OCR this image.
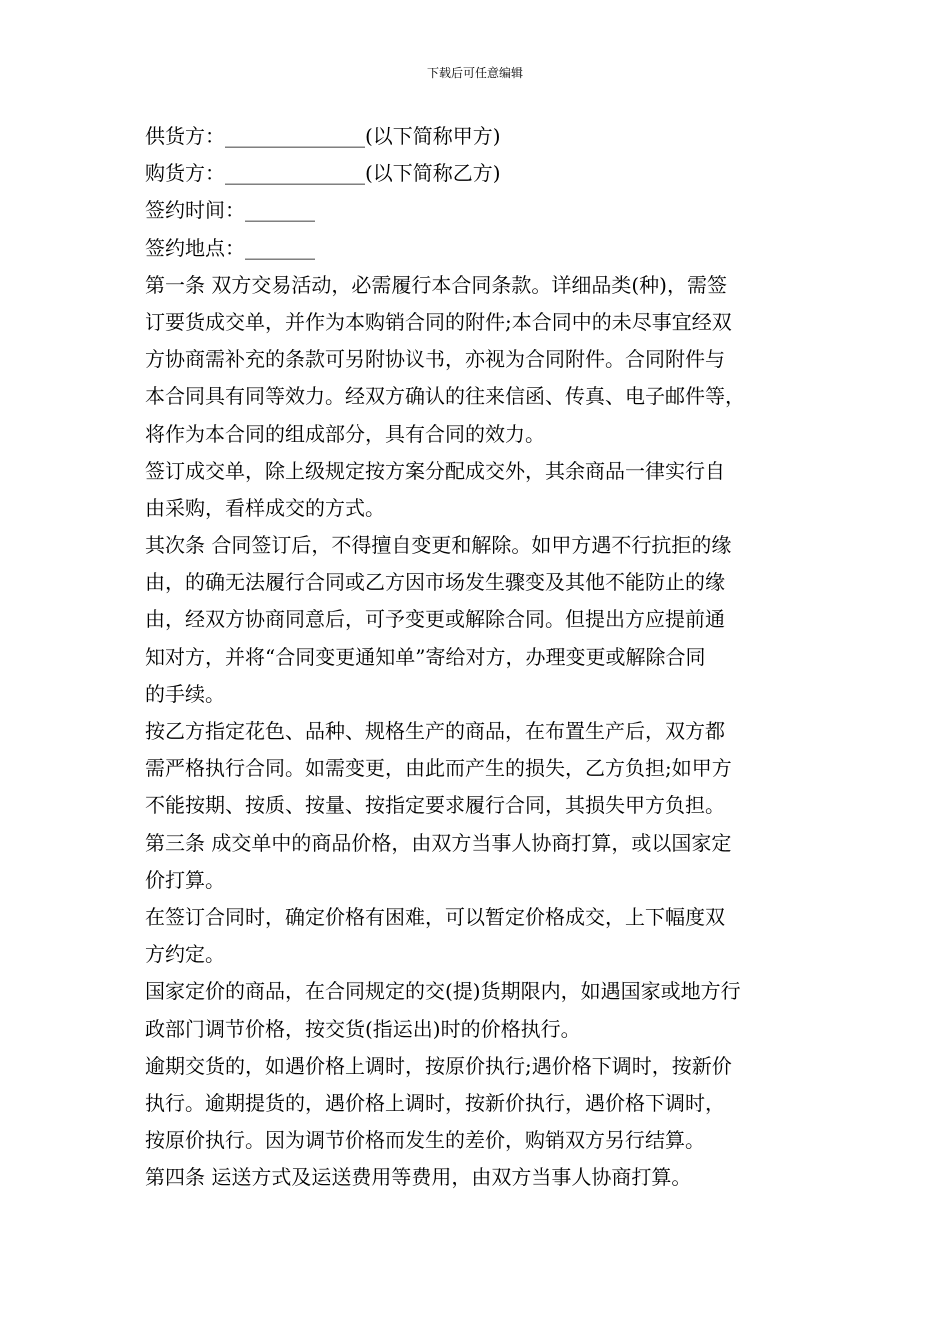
下载后可任意编辑
供货方：______________(以下简称甲方)
购货方：______________(以下简称乙方)
签约时间：_______
签约地点：_______
第一条 双方交易活动，必需履行本合同条款。详细品类(种)，需签
订要货成交单，并作为本购销合同的附件;本合同中的未尽事宜经双
方协商需补充的条款可另附协议书，亦视为合同附件。合同附件与
本合同具有同等效力。经双方确认的往来信函、传真、电子邮件等，
将作为本合同的组成部分，具有合同的效力。
签订成交单，除上级规定按方案分配成交外，其余商品一律实行自
由采购，看样成交的方式。
其次条 合同签订后，不得擅自变更和解除。如甲方遇不行抗拒的缘
由，的确无法履行合同或乙方因市场发生骤变及其他不能防止的缘
由，经双方协商同意后，可予变更或解除合同。但提出方应提前通
知对方，并将“合同变更通知单”寄给对方，办理变更或解除合同
的手续。
按乙方指定花色、品种、规格生产的商品，在布置生产后，双方都
需严格执行合同。如需变更，由此而产生的损失，乙方负担;如甲方
不能按期、按质、按量、按指定要求履行合同，其损失甲方负担。
第三条 成交单中的商品价格，由双方当事人协商打算，或以国家定
价打算。
在签订合同时，确定价格有困难，可以暂定价格成交，上下幅度双
方约定。
国家定价的商品，在合同规定的交(提)货期限内，如遇国家或地方行
政部门调节价格，按交货(指运出)时的价格执行。
逾期交货的，如遇价格上调时，按原价执行;遇价格下调时，按新价
执行。逾期提货的，遇价格上调时，按新价执行，遇价格下调时，
按原价执行。因为调节价格而发生的差价，购销双方另行结算。
第四条 运送方式及运送费用等费用，由双方当事人协商打算。
